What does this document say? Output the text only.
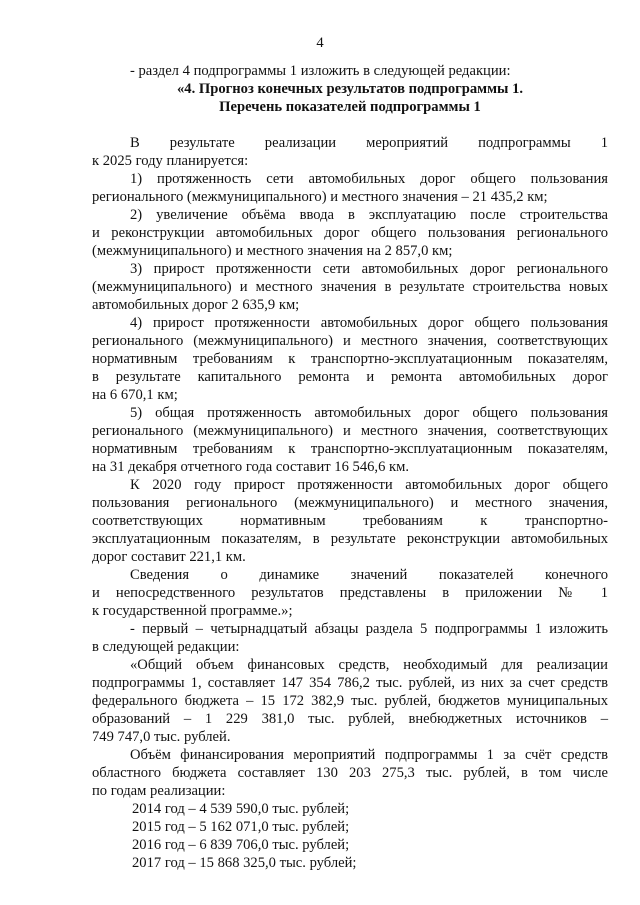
4
- раздел 4 подпрограммы 1 изложить в следующей редакции:
«4. Прогноз конечных результатов подпрограммы 1.
Перечень показателей подпрограммы 1
В результате реализации мероприятий подпрограммы 1
к 2025 году планируется:
1) протяженность сети автомобильных дорог общего пользования
регионального (межмуниципального) и местного значения – 21 435,2 км;
2) увеличение объёма ввода в эксплуатацию после строительства
и реконструкции автомобильных дорог общего пользования регионального
(межмуниципального) и местного значения на 2 857,0 км;
3) прирост протяженности сети автомобильных дорог регионального
(межмуниципального) и местного значения в результате строительства новых
автомобильных дорог 2 635,9 км;
4) прирост протяженности автомобильных дорог общего пользования
регионального (межмуниципального) и местного значения, соответствующих
нормативным требованиям к транспортно-эксплуатационным показателям,
в результате капитального ремонта и ремонта автомобильных дорог
на 6 670,1 км;
5) общая протяженность автомобильных дорог общего пользования
регионального (межмуниципального) и местного значения, соответствующих
нормативным требованиям к транспортно-эксплуатационным показателям,
на 31 декабря отчетного года составит 16 546,6 км.
К 2020 году прирост протяженности автомобильных дорог общего
пользования регионального (межмуниципального) и местного значения,
соответствующих нормативным требованиям к транспортно-
эксплуатационным показателям, в результате реконструкции автомобильных
дорог составит 221,1 км.
Сведения о динамике значений показателей конечного
и непосредственного результатов представлены в приложении № 1
к государственной программе.»;
- первый – четырнадцатый абзацы раздела 5 подпрограммы 1 изложить
в следующей редакции:
«Общий объем финансовых средств, необходимый для реализации
подпрограммы 1, составляет 147 354 786,2 тыс. рублей, из них за счет средств
федерального бюджета – 15 172 382,9 тыс. рублей, бюджетов муниципальных
образований – 1 229 381,0 тыс. рублей, внебюджетных источников –
749 747,0 тыс. рублей.
Объём финансирования мероприятий подпрограммы 1 за счёт средств
областного бюджета составляет 130 203 275,3 тыс. рублей, в том числе
по годам реализации:
2014 год – 4 539 590,0 тыс. рублей;
2015 год – 5 162 071,0 тыс. рублей;
2016 год – 6 839 706,0 тыс. рублей;
2017 год – 15 868 325,0 тыс. рублей;
